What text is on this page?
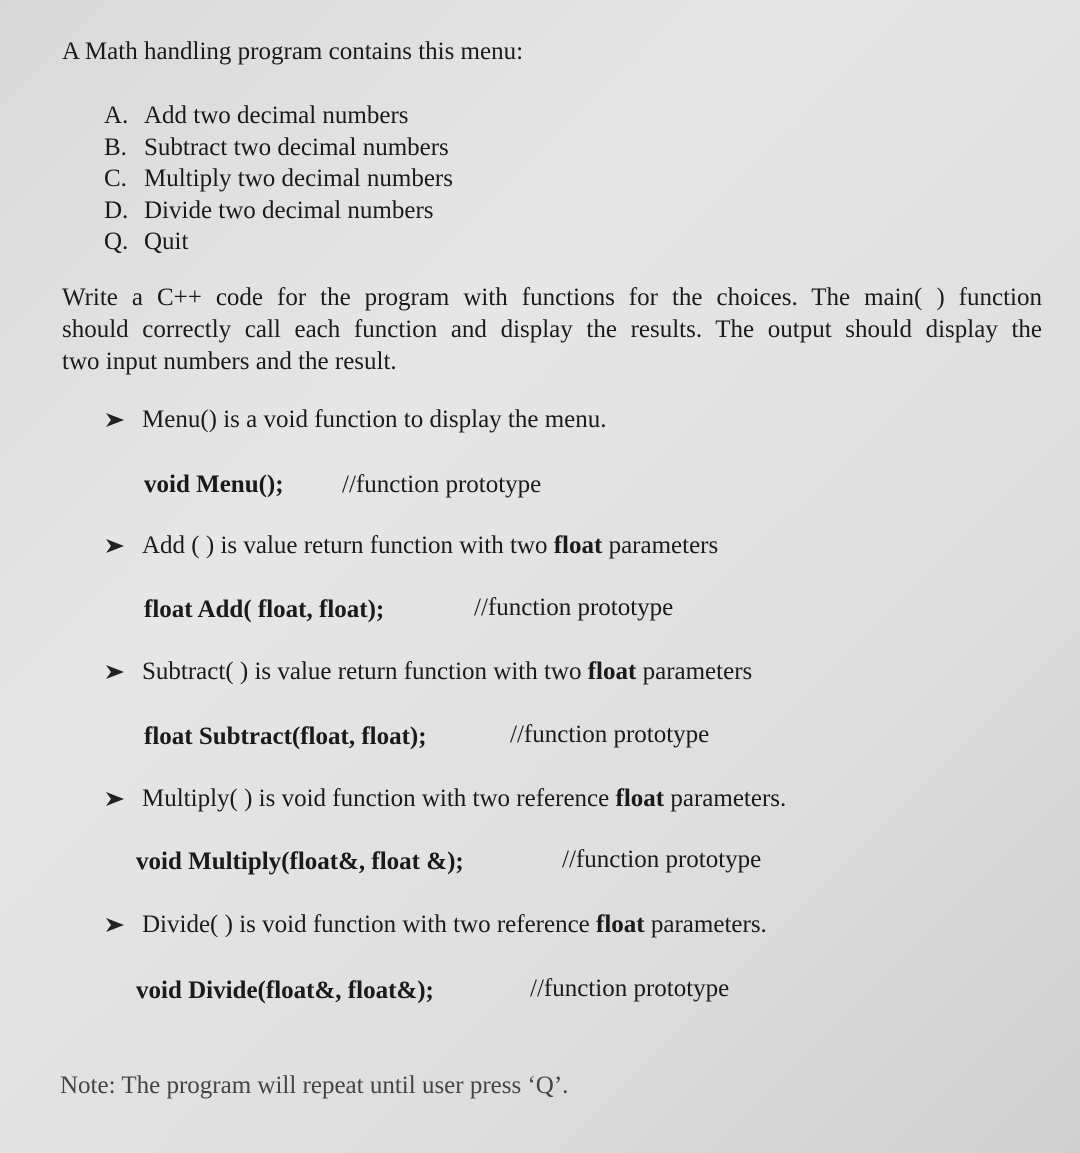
A Math handling program contains this menu:
A. Add two decimal numbers
B. Subtract two decimal numbers
C. Multiply two decimal numbers
D. Divide two decimal numbers
Q. Quit
Write a C++ code for the program with functions for the choices. The main( ) function
should correctly call each function and display the results. The output should display the
two input numbers and the result.
Menu() is a void function to display the menu.
void Menu(); //function prototype
Add ( ) is value return function with two float parameters
float Add( float, float);	//function prototype
Subtract( ) is value return function with two float parameters
float Subtract(float, float);	//function prototype
Multiply( ) is void function with two reference float parameters.
void Multiply(float&, float &);	//function prototype
Divide( ) is void function with two reference float parameters.
void Divide(float&, float&);	//function prototype
Note: The program will repeat until user press ‘Q’.
